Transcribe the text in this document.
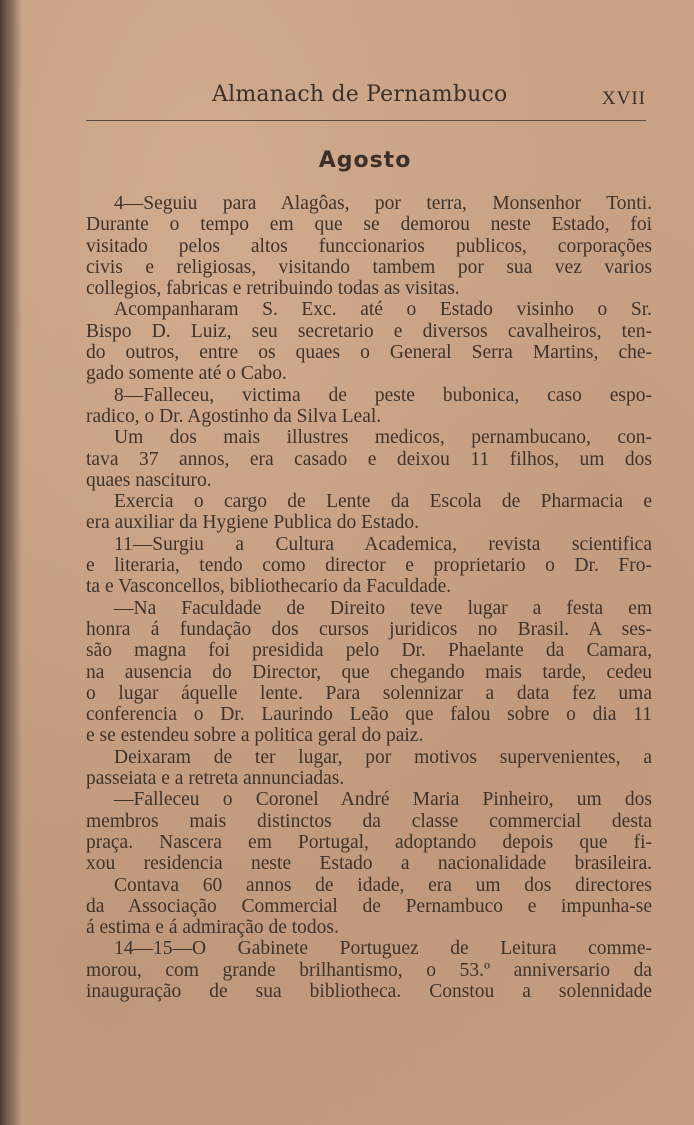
Almanach de Pernambuco	XVII
Agosto
4—Seguiu para Alagôas, por terra, Monsenhor Tonti.
Durante o tempo em que se demorou neste Estado, foi
visitado pelos altos funccionarios publicos, corporações
civis e religiosas, visitando tambem por sua vez varios
collegios, fabricas e retribuindo todas as visitas.
Acompanharam S. Exc. até o Estado visinho o Sr.
Bispo D. Luiz, seu secretario e diversos cavalheiros, ten-
do outros, entre os quaes o General Serra Martins, che-
gado somente até o Cabo.
8—Falleceu, victima de peste bubonica, caso espo-
radico, o Dr. Agostinho da Silva Leal.
Um dos mais illustres medicos, pernambucano, con-
tava 37 annos, era casado e deixou 11 filhos, um dos
quaes nascituro.
Exercia o cargo de Lente da Escola de Pharmacia e
era auxiliar da Hygiene Publica do Estado.
11—Surgiu a Cultura Academica, revista scientifica
e literaria, tendo como director e proprietario o Dr. Fro-
ta e Vasconcellos, bibliothecario da Faculdade.
—Na Faculdade de Direito teve lugar a festa em
honra á fundação dos cursos juridicos no Brasil. A ses-
são magna foi presidida pelo Dr. Phaelante da Camara,
na ausencia do Director, que chegando mais tarde, cedeu
o lugar áquelle lente. Para solennizar a data fez uma
conferencia o Dr. Laurindo Leão que falou sobre o dia 11
e se estendeu sobre a politica geral do paiz.
Deixaram de ter lugar, por motivos supervenientes, a
passeiata e a retreta annunciadas.
—Falleceu o Coronel André Maria Pinheiro, um dos
membros mais distinctos da classe commercial desta
praça. Nascera em Portugal, adoptando depois que fi-
xou residencia neste Estado a nacionalidade brasileira.
Contava 60 annos de idade, era um dos directores
da Associação Commercial de Pernambuco e impunha-se
á estima e á admiração de todos.
14—15—O Gabinete Portuguez de Leitura comme-
morou, com grande brilhantismo, o 53.º anniversario da
inauguração de sua bibliotheca. Constou a solennidade
